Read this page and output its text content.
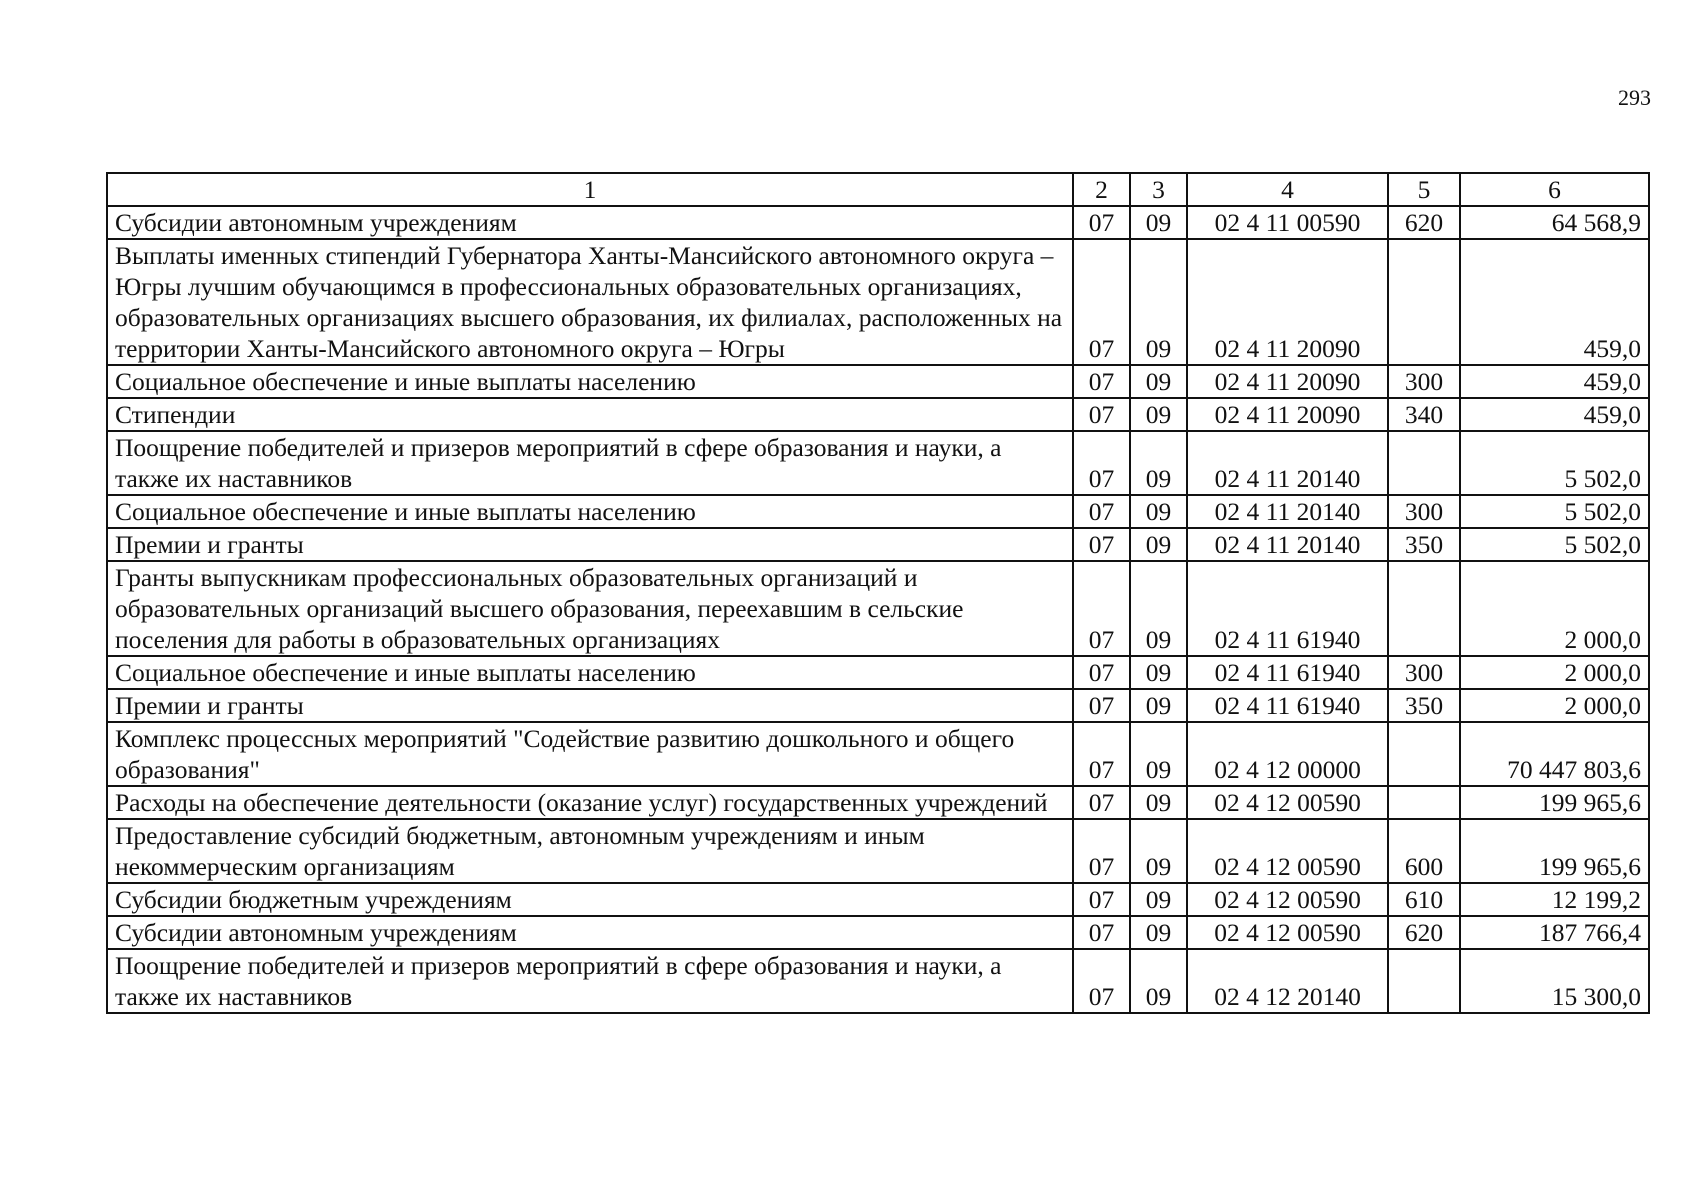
293
1	2	3	4	5	6
Субсидии автономным учреждениям	07	09	02 4 11 00590	620	64 568,9
Выплаты именных стипендий Губернатора Ханты-Мансийского автономного округа – Югры лучшим обучающимся в профессиональных образовательных организациях, образовательных организациях высшего образования, их филиалах, расположенных на территории Ханты-Мансийского автономного округа – Югры	07	09	02 4 11 20090		459,0
Социальное обеспечение и иные выплаты населению	07	09	02 4 11 20090	300	459,0
Стипендии	07	09	02 4 11 20090	340	459,0
Поощрение победителей и призеров мероприятий в сфере образования и науки, а также их наставников	07	09	02 4 11 20140		5 502,0
Социальное обеспечение и иные выплаты населению	07	09	02 4 11 20140	300	5 502,0
Премии и гранты	07	09	02 4 11 20140	350	5 502,0
Гранты выпускникам профессиональных образовательных организаций и образовательных организаций высшего образования, переехавшим в сельские поселения для работы в образовательных организациях	07	09	02 4 11 61940		2 000,0
Социальное обеспечение и иные выплаты населению	07	09	02 4 11 61940	300	2 000,0
Премии и гранты	07	09	02 4 11 61940	350	2 000,0
Комплекс процессных мероприятий "Содействие развитию дошкольного и общего образования"	07	09	02 4 12 00000		70 447 803,6
Расходы на обеспечение деятельности (оказание услуг) государственных учреждений	07	09	02 4 12 00590		199 965,6
Предоставление субсидий бюджетным, автономным учреждениям и иным некоммерческим организациям	07	09	02 4 12 00590	600	199 965,6
Субсидии бюджетным учреждениям	07	09	02 4 12 00590	610	12 199,2
Субсидии автономным учреждениям	07	09	02 4 12 00590	620	187 766,4
Поощрение победителей и призеров мероприятий в сфере образования и науки, а также их наставников	07	09	02 4 12 20140		15 300,0
